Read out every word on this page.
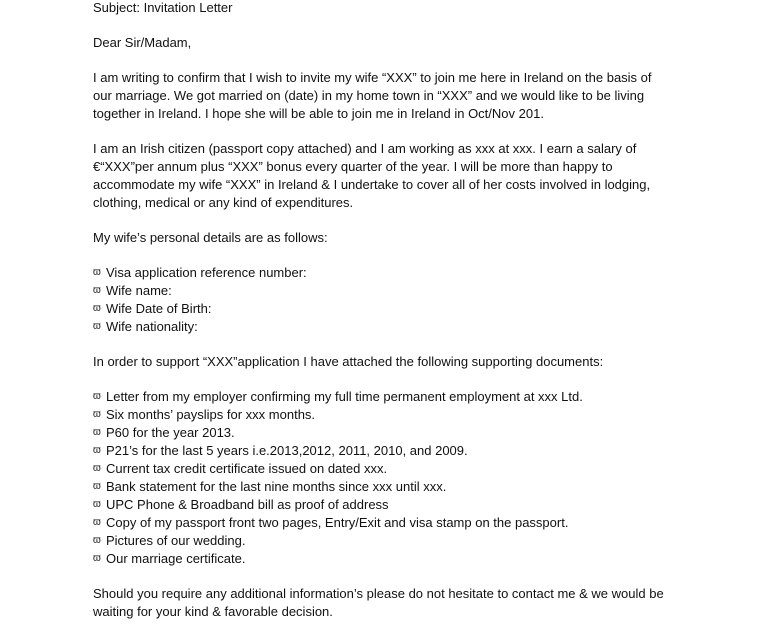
Subject: Invitation Letter
Dear Sir/Madam,
I am writing to confirm that I wish to invite my wife “XXX” to join me here in Ireland on the basis of
our marriage. We got married on (date) in my home town in “XXX” and we would like to be living
together in Ireland. I hope she will be able to join me in Ireland in Oct/Nov 201.
I am an Irish citizen (passport copy attached) and I am working as xxx at xxx. I earn a salary of
€“XXX”per annum plus “XXX” bonus every quarter of the year. I will be more than happy to
accommodate my wife “XXX” in Ireland & I undertake to cover all of her costs involved in lodging,
clothing, medical or any kind of expenditures.
My wife’s personal details are as follows:
ϖ Visa application reference number:
ϖ Wife name:
ϖ Wife Date of Birth:
ϖ Wife nationality:
In order to support “XXX”application I have attached the following supporting documents:
ϖ Letter from my employer confirming my full time permanent employment at xxx Ltd.
ϖ Six months’ payslips for xxx months.
ϖ P60 for the year 2013.
ϖ P21’s for the last 5 years i.e.2013,2012, 2011, 2010, and 2009.
ϖ Current tax credit certificate issued on dated xxx.
ϖ Bank statement for the last nine months since xxx until xxx.
ϖ UPC Phone & Broadband bill as proof of address
ϖ Copy of my passport front two pages, Entry/Exit and visa stamp on the passport.
ϖ Pictures of our wedding.
ϖ Our marriage certificate.
Should you require any additional information’s please do not hesitate to contact me & we would be
waiting for your kind & favorable decision.
